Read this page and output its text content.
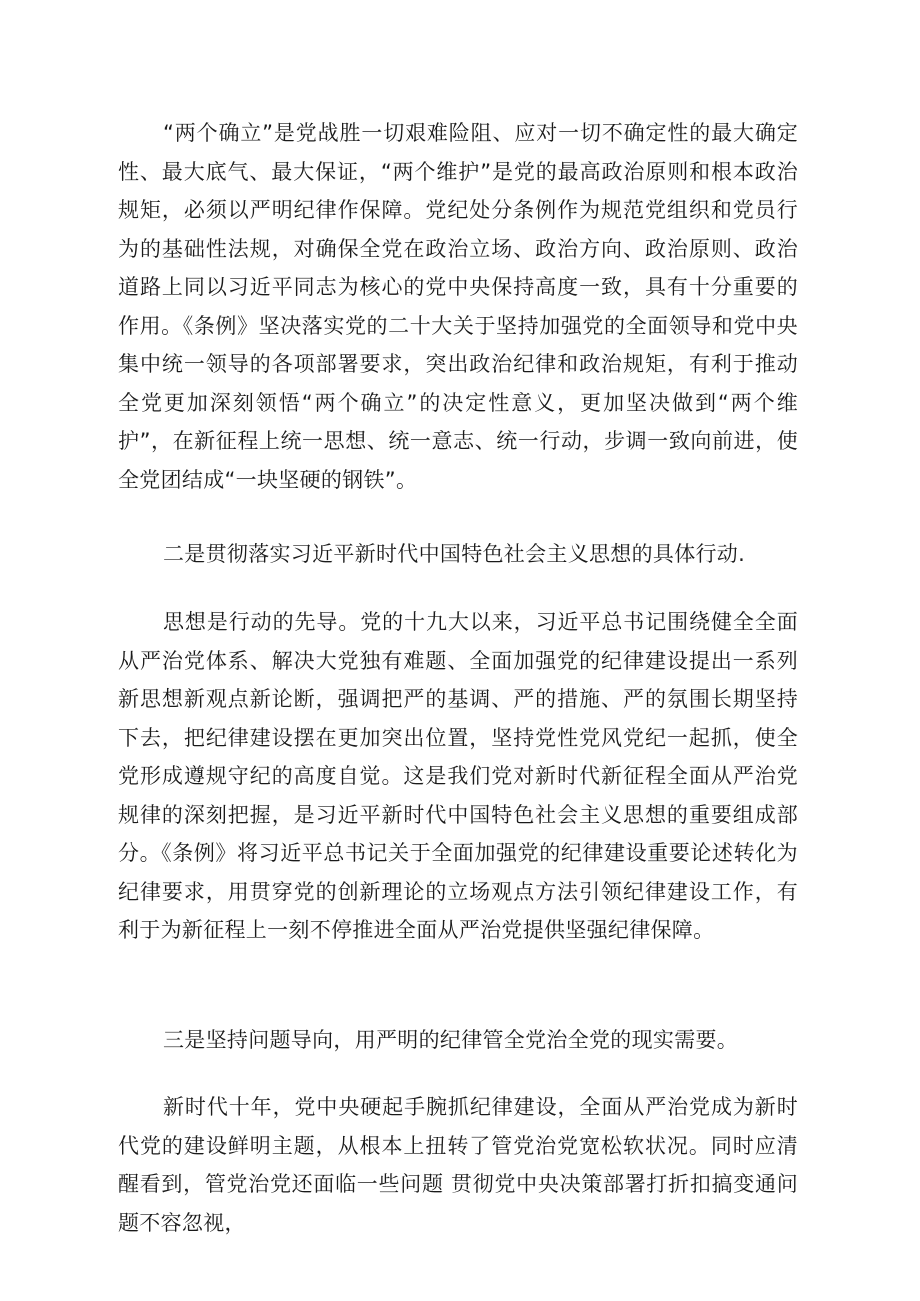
“两个确立”是党战胜一切艰难险阻、应对一切不确定性的最大确定性、最大底气、最大保证，“两个维护”是党的最高政治原则和根本政治规矩，必须以严明纪律作保障。党纪处分条例作为规范党组织和党员行为的基础性法规，对确保全党在政治立场、政治方向、政治原则、政治道路上同以习近平同志为核心的党中央保持高度一致，具有十分重要的作用。《条例》坚决落实党的二十大关于坚持加强党的全面领导和党中央集中统一领导的各项部署要求，突出政治纪律和政治规矩，有利于推动全党更加深刻领悟“两个确立”的决定性意义，更加坚决做到“两个维护”，在新征程上统一思想、统一意志、统一行动，步调一致向前进，使全党团结成“一块坚硬的钢铁”。

二是贯彻落实习近平新时代中国特色社会主义思想的具体行动.

思想是行动的先导。党的十九大以来，习近平总书记围绕健全全面从严治党体系、解决大党独有难题、全面加强党的纪律建设提出一系列新思想新观点新论断，强调把严的基调、严的措施、严的氛围长期坚持下去，把纪律建设摆在更加突出位置，坚持党性党风党纪一起抓，使全党形成遵规守纪的高度自觉。这是我们党对新时代新征程全面从严治党规律的深刻把握，是习近平新时代中国特色社会主义思想的重要组成部分。《条例》将习近平总书记关于全面加强党的纪律建设重要论述转化为纪律要求，用贯穿党的创新理论的立场观点方法引领纪律建设工作，有利于为新征程上一刻不停推进全面从严治党提供坚强纪律保障。

三是坚持问题导向，用严明的纪律管全党治全党的现实需要。

新时代十年，党中央硬起手腕抓纪律建设，全面从严治党成为新时代党的建设鲜明主题，从根本上扭转了管党治党宽松软状况。同时应清醒看到，管党治党还面临一些问题 贯彻党中央决策部署打折扣搞变通问题不容忽视，
